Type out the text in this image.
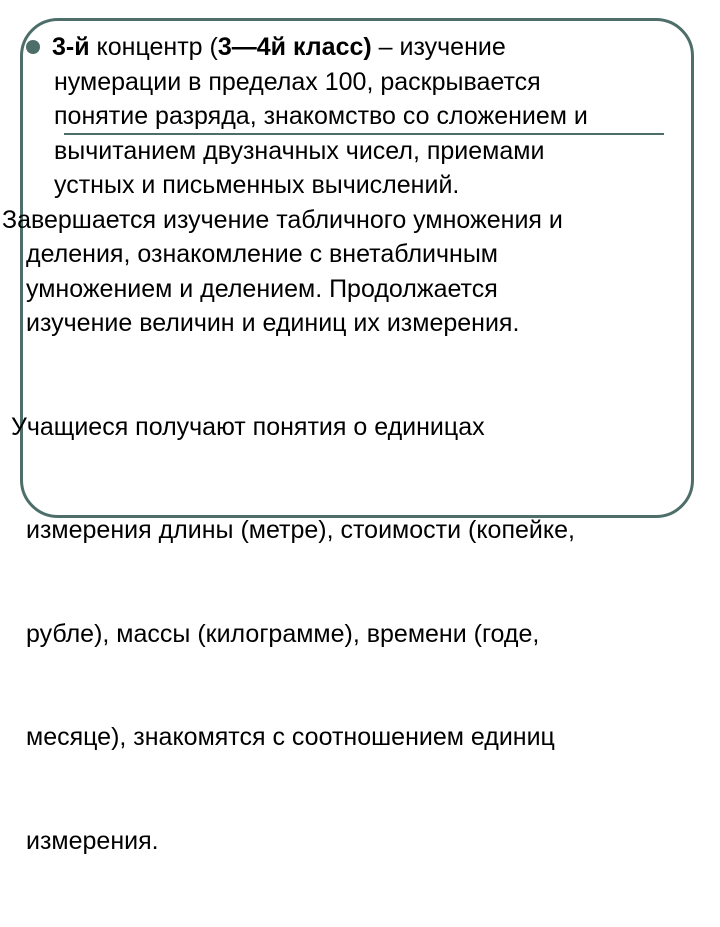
3-й концентр (3—4й класс) – изучение
нумерации в пределах 100, раскрывается
понятие разряда, знакомство со сложением и
вычитанием двузначных чисел, приемами
устных и письменных вычислений.
Завершается изучение табличного умножения и
деления, ознакомление с внетабличным
умножением и делением. Продолжается
изучение величин и единиц их измерения.

Учащиеся получают понятия о единицах

измерения длины (метре), стоимости (копейке,

рубле), массы (килограмме), времени (годе,

месяце), знакомятся с соотношением единиц

измерения.
